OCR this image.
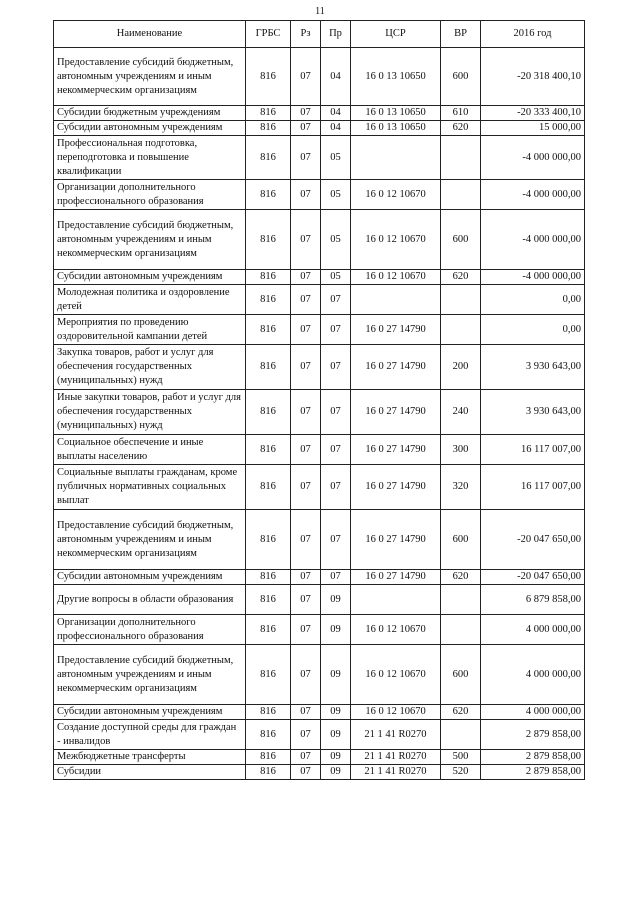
11
Наименование	ГРБС	Рз	Пр	ЦСР	ВР	2016 год
Предоставление субсидий бюджетным, автономным учреждениям и иным некоммерческим организациям	816	07	04	16 0 13 10650	600	-20 318 400,10
Субсидии бюджетным учреждениям	816	07	04	16 0 13 10650	610	-20 333 400,10
Субсидии автономным учреждениям	816	07	04	16 0 13 10650	620	15 000,00
Профессиональная подготовка, переподготовка и повышение квалификации	816	07	05			-4 000 000,00
Организации дополнительного профессионального образования	816	07	05	16 0 12 10670		-4 000 000,00
Предоставление субсидий бюджетным, автономным учреждениям и иным некоммерческим организациям	816	07	05	16 0 12 10670	600	-4 000 000,00
Субсидии автономным учреждениям	816	07	05	16 0 12 10670	620	-4 000 000,00
Молодежная политика и оздоровление детей	816	07	07			0,00
Мероприятия по проведению оздоровительной кампании детей	816	07	07	16 0 27 14790		0,00
Закупка товаров, работ и услуг для обеспечения государственных (муниципальных) нужд	816	07	07	16 0 27 14790	200	3 930 643,00
Иные закупки товаров, работ и услуг для обеспечения государственных (муниципальных) нужд	816	07	07	16 0 27 14790	240	3 930 643,00
Социальное обеспечение и иные выплаты населению	816	07	07	16 0 27 14790	300	16 117 007,00
Социальные выплаты гражданам, кроме публичных нормативных социальных выплат	816	07	07	16 0 27 14790	320	16 117 007,00
Предоставление субсидий бюджетным, автономным учреждениям и иным некоммерческим организациям	816	07	07	16 0 27 14790	600	-20 047 650,00
Субсидии автономным учреждениям	816	07	07	16 0 27 14790	620	-20 047 650,00
Другие вопросы в области образования	816	07	09			6 879 858,00
Организации дополнительного профессионального образования	816	07	09	16 0 12 10670		4 000 000,00
Предоставление субсидий бюджетным, автономным учреждениям и иным некоммерческим организациям	816	07	09	16 0 12 10670	600	4 000 000,00
Субсидии автономным учреждениям	816	07	09	16 0 12 10670	620	4 000 000,00
Создание доступной среды для граждан - инвалидов	816	07	09	21 1 41 R0270		2 879 858,00
Межбюджетные трансферты	816	07	09	21 1 41 R0270	500	2 879 858,00
Субсидии	816	07	09	21 1 41 R0270	520	2 879 858,00
